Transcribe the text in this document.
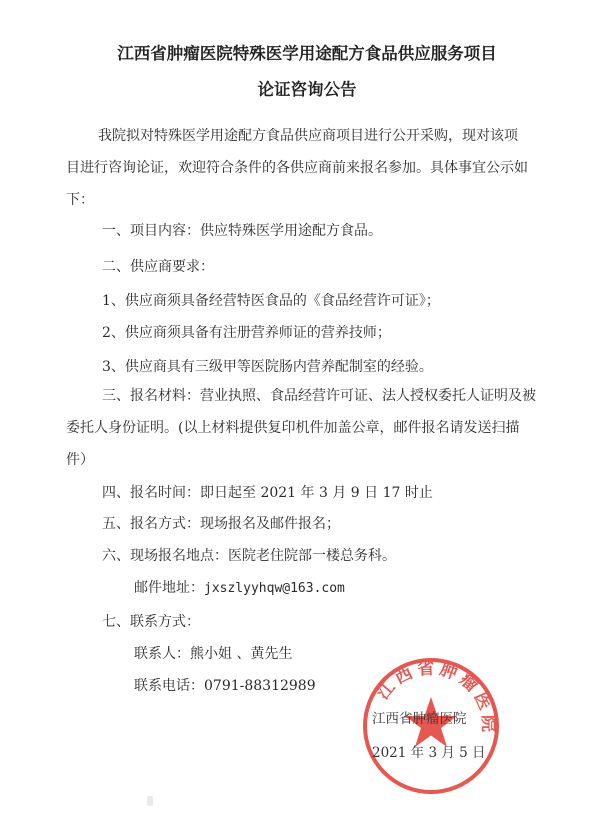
江西省肿瘤医院特殊医学用途配方食品供应服务项目
论证咨询公告

我院拟对特殊医学用途配方食品供应商项目进行公开采购，现对该项

目进行咨询论证，欢迎符合条件的各供应商前来报名参加。具体事宜公示如

下：

一、项目内容：供应特殊医学用途配方食品。
二、供应商要求：
1、供应商须具备经营特医食品的《食品经营许可证》；
2、供应商须具备有注册营养师证的营养技师；
3、供应商具有三级甲等医院肠内营养配制室的经验。

三、报名材料：营业执照、食品经营许可证、法人授权委托人证明及被

委托人身份证明。(以上材料提供复印机件加盖公章，邮件报名请发送扫描

件）

四、报名时间：即日起至 2021 年 3 月 9 日 17 时止
五、报名方式：现场报名及邮件报名；
六、现场报名地点：医院老住院部一楼总务科。
邮件地址：jxszlyyhqw@163.com
七、联系方式：
联系人：熊小姐 、黄先生
联系电话：0791-88312989	江西省肿瘤医院
江西省肿瘤医院
2021 年 3 月 5 日
